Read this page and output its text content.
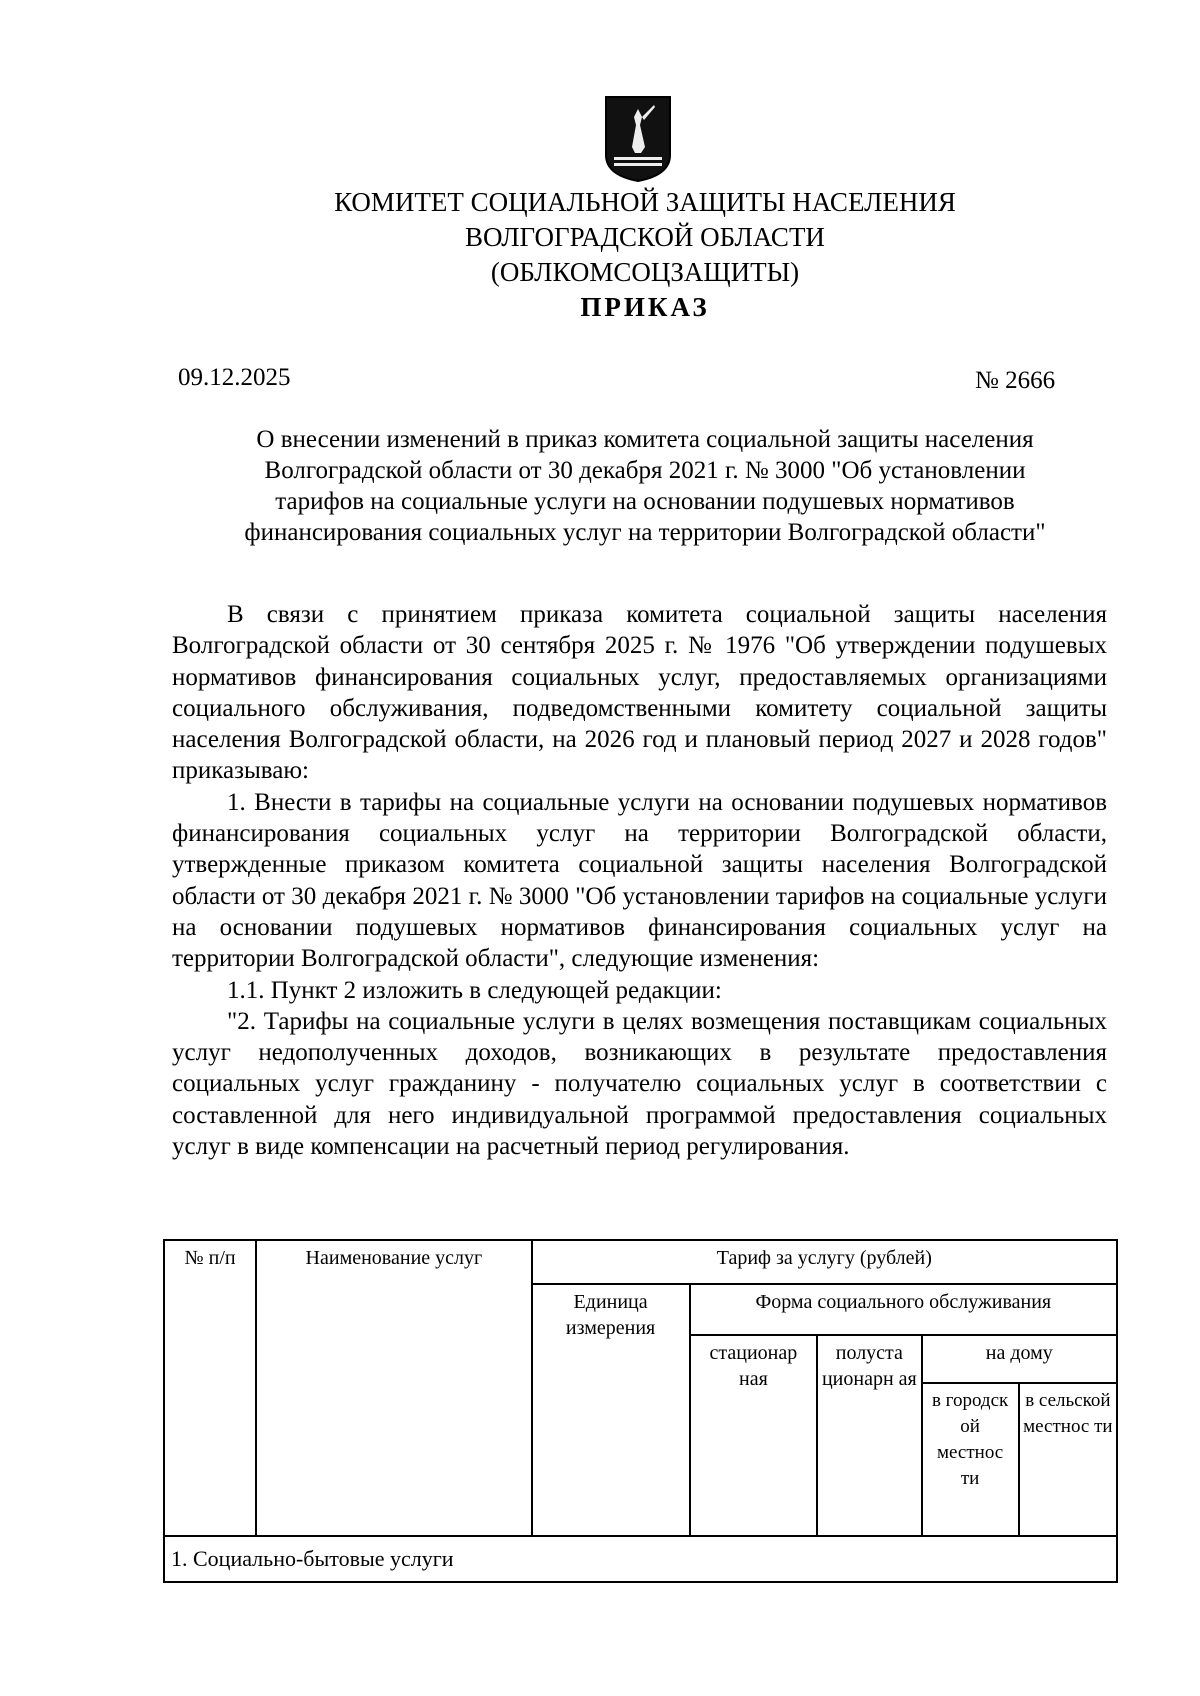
КОМИТЕТ СОЦИАЛЬНОЙ ЗАЩИТЫ НАСЕЛЕНИЯ
ВОЛГОГРАДСКОЙ ОБЛАСТИ
(ОБЛКОМСОЦЗАЩИТЫ)
ПРИКАЗ
09.12.2025	№ 2666
О внесении изменений в приказ комитета социальной защиты населения
Волгоградской области от 30 декабря 2021 г. № 3000 "Об установлении
тарифов на социальные услуги на основании подушевых нормативов
финансирования социальных услуг на территории Волгоградской области"

В связи с принятием приказа комитета социальной защиты населения Волгоградской области от 30 сентября 2025 г. № 1976 "Об утверждении подушевых нормативов финансирования социальных услуг, предоставляемых организациями социального обслуживания, подведомственными комитету социальной защиты населения Волгоградской области, на 2026 год и плановый период 2027 и 2028 годов" приказываю:

1. Внести в тарифы на социальные услуги на основании подушевых нормативов финансирования социальных услуг на территории Волгоградской области, утвержденные приказом комитета социальной защиты населения Волгоградской области от 30 декабря 2021 г. № 3000 "Об установлении тарифов на социальные услуги на основании подушевых нормативов финансирования социальных услуг на территории Волгоградской области", следующие изменения:

1.1. Пункт 2 изложить в следующей редакции:

"2. Тарифы на социальные услуги в целях возмещения поставщикам социальных услуг недополученных доходов, возникающих в результате предоставления социальных услуг гражданину - получателю социальных услуг в соответствии с составленной для него индивидуальной программой предоставления социальных услуг в виде компенсации на расчетный период регулирования.

№ п/п	Наименование услуг	Тариф за услугу (рублей)				
		Единица измерения	Форма социального обслуживания			
			стационар ная	полуста ционарн ая	на дому	
					в городск ой местнос ти	в сельской местнос ти
1. Социально-бытовые услуги						
